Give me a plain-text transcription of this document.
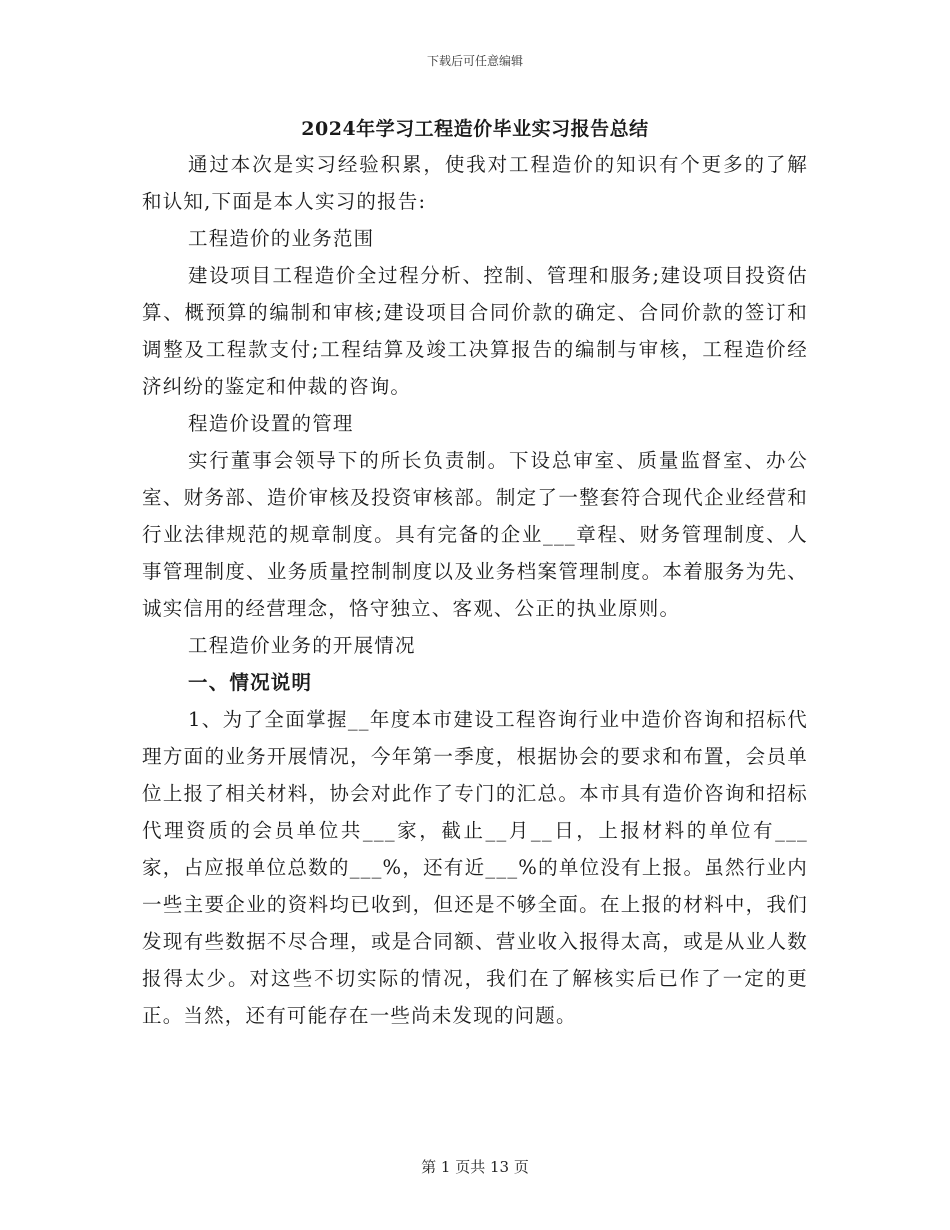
下载后可任意编辑
2024年学习工程造价毕业实习报告总结

通过本次是实习经验积累，使我对工程造价的知识有个更多的了解和认知,下面是本人实习的报告:

工程造价的业务范围

建设项目工程造价全过程分析、控制、管理和服务;建设项目投资估算、概预算的编制和审核;建设项目合同价款的确定、合同价款的签订和调整及工程款支付;工程结算及竣工决算报告的编制与审核，工程造价经济纠纷的鉴定和仲裁的咨询。

程造价设置的管理

实行董事会领导下的所长负责制。下设总审室、质量监督室、办公室、财务部、造价审核及投资审核部。制定了一整套符合现代企业经营和行业法律规范的规章制度。具有完备的企业___章程、财务管理制度、人事管理制度、业务质量控制制度以及业务档案管理制度。本着服务为先、诚实信用的经营理念，恪守独立、客观、公正的执业原则。

工程造价业务的开展情况

一、情况说明

1、为了全面掌握__年度本市建设工程咨询行业中造价咨询和招标代理方面的业务开展情况，今年第一季度，根据协会的要求和布置，会员单位上报了相关材料，协会对此作了专门的汇总。本市具有造价咨询和招标代理资质的会员单位共___家，截止__月__日，上报材料的单位有___家，占应报单位总数的___%，还有近___%的单位没有上报。虽然行业内一些主要企业的资料均已收到，但还是不够全面。在上报的材料中，我们发现有些数据不尽合理，或是合同额、营业收入报得太高，或是从业人数报得太少。对这些不切实际的情况，我们在了解核实后已作了一定的更正。当然，还有可能存在一些尚未发现的问题。

第 1 页共 13 页
